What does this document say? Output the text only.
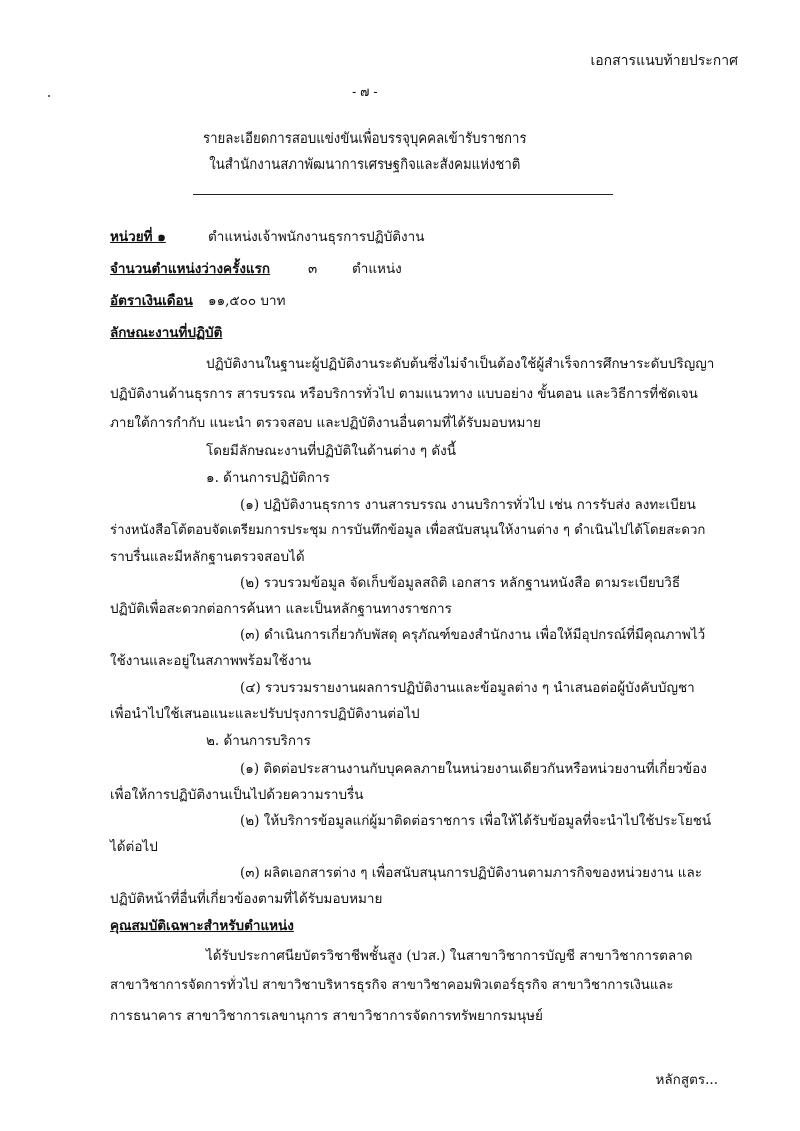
เอกสารแนบท้ายประกาศ
- ๗ -
รายละเอียดการสอบแข่งขันเพื่อบรรจุบุคคลเข้ารับราชการ
ในสำนักงานสภาพัฒนาการเศรษฐกิจและสังคมแห่งชาติ
หน่วยที่ ๑	ตำแหน่งเจ้าพนักงานธุรการปฏิบัติงาน
จำนวนตำแหน่งว่างครั้งแรก	๓	ตำแหน่ง
อัตราเงินเดือน ๑๑,๕๐๐ บาท
ลักษณะงานที่ปฏิบัติ
ปฏิบัติงานในฐานะผู้ปฏิบัติงานระดับต้นซึ่งไม่จำเป็นต้องใช้ผู้สำเร็จการศึกษาระดับปริญญา
ปฏิบัติงานด้านธุรการ สารบรรณ หรือบริการทั่วไป ตามแนวทาง แบบอย่าง ขั้นตอน และวิธีการที่ชัดเจน
ภายใต้การกำกับ แนะนำ ตรวจสอบ และปฏิบัติงานอื่นตามที่ได้รับมอบหมาย
โดยมีลักษณะงานที่ปฏิบัติในด้านต่าง ๆ ดังนี้
๑. ด้านการปฏิบัติการ
(๑) ปฏิบัติงานธุรการ งานสารบรรณ งานบริการทั่วไป เช่น การรับส่ง ลงทะเบียน
ร่างหนังสือโต้ตอบจัดเตรียมการประชุม การบันทึกข้อมูล เพื่อสนับสนุนให้งานต่าง ๆ ดำเนินไปได้โดยสะดวก
ราบรื่นและมีหลักฐานตรวจสอบได้
(๒) รวบรวมข้อมูล จัดเก็บข้อมูลสถิติ เอกสาร หลักฐานหนังสือ ตามระเบียบวิธี
ปฏิบัติเพื่อสะดวกต่อการค้นหา และเป็นหลักฐานทางราชการ
(๓) ดำเนินการเกี่ยวกับพัสดุ ครุภัณฑ์ของสำนักงาน เพื่อให้มีอุปกรณ์ที่มีคุณภาพไว้
ใช้งานและอยู่ในสภาพพร้อมใช้งาน
(๔) รวบรวมรายงานผลการปฏิบัติงานและข้อมูลต่าง ๆ นำเสนอต่อผู้บังคับบัญชา
เพื่อนำไปใช้เสนอแนะและปรับปรุงการปฏิบัติงานต่อไป
๒. ด้านการบริการ
(๑) ติดต่อประสานงานกับบุคคลภายในหน่วยงานเดียวกันหรือหน่วยงานที่เกี่ยวข้อง
เพื่อให้การปฏิบัติงานเป็นไปด้วยความราบรื่น
(๒) ให้บริการข้อมูลแก่ผู้มาติดต่อราชการ เพื่อให้ได้รับข้อมูลที่จะนำไปใช้ประโยชน์
ได้ต่อไป
(๓) ผลิตเอกสารต่าง ๆ เพื่อสนับสนุนการปฏิบัติงานตามภารกิจของหน่วยงาน และ
ปฏิบัติหน้าที่อื่นที่เกี่ยวข้องตามที่ได้รับมอบหมาย
คุณสมบัติเฉพาะสำหรับตำแหน่ง
ได้รับประกาศนียบัตรวิชาชีพชั้นสูง (ปวส.) ในสาขาวิชาการบัญชี สาขาวิชาการตลาด
สาขาวิชาการจัดการทั่วไป สาขาวิชาบริหารธุรกิจ สาขาวิชาคอมพิวเตอร์ธุรกิจ สาขาวิชาการเงินและ
การธนาคาร สาขาวิชาการเลขานุการ สาขาวิชาการจัดการทรัพยากรมนุษย์
หลักสูตร...
